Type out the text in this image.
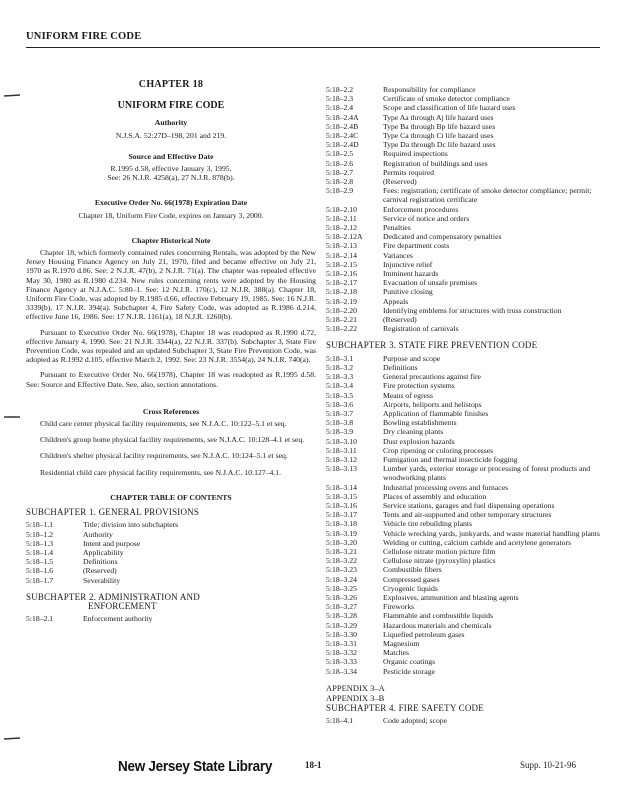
UNIFORM FIRE CODE
CHAPTER 18
UNIFORM FIRE CODE
Authority
N.J.S.A. 52:27D–198, 201 and 219.
Source and Effective Date
R.1995 d.58, effective January 3, 1995.
See: 26 N.J.R. 4258(a), 27 N.J.R. 878(b).
Executive Order No. 66(1978) Expiration Date
Chapter 18, Uniform Fire Code, expires on January 3, 2000.
Chapter Historical Note

Chapter 18, which formerly contained rules concerning Rentals, was adopted by the New Jersey Housing Finance Agency on July 21, 1970, filed and became effective on July 21, 1970 as R.1970 d.86. See: 2 N.J.R. 47(b), 2 N.J.R. 71(a). The chapter was repealed effective May 30, 1980 as R.1980 d.234. New rules concerning rents were adopted by the Housing Finance Agency at N.J.A.C. 5:80–1. See: 12 N.J.R. 170(c), 12 N.J.R. 388(a). Chapter 18, Uniform Fire Code, was adopted by R.1985 d.66, effective February 19, 1985. See: 16 N.J.R. 3339(b), 17 N.J.R. 394(a). Subchapter 4, Fire Safety Code, was adopted as R.1986 d.214, effective June 16, 1986. See: 17 N.J.R. 1161(a), 18 N.J.R. 1260(b).

Pursuant to Executive Order No. 66(1978), Chapter 18 was readopted as R.1990 d.72, effective January 4, 1990. See: 21 N.J.R. 3344(a), 22 N.J.R. 337(b). Subchapter 3, State Fire Prevention Code, was repealed and an updated Subchapter 3, State Fire Prevention Code, was adopted as R.1992 d.105, effective March 2, 1992. See: 23 N.J.R. 3554(a), 24 N.J.R. 740(a).

Pursuant to Executive Order No. 66(1978), Chapter 18 was readopted as R.1995 d.58. See: Source and Effective Date. See, also, section annotations.

Cross References

Child care center physical facility requirements, see N.J.A.C. 10:122–5.1 et seq.

Children's group home physical facility requirements, see N.J.A.C. 10:128–4.1 et seq.

Children's shelter physical facility requirements, see N.J.A.C. 10:124–5.1 et seq.

Residential child care physical facility requirements, see N.J.A.C. 10:127–4.1.

CHAPTER TABLE OF CONTENTS
SUBCHAPTER 1. GENERAL PROVISIONS
5:18–1.1	Title; division into subchapters
5:18–1.2	Authority
5:18–1.3	Intent and purpose
5:18–1.4	Applicability
5:18–1.5	Definitions
5:18–1.6	(Reserved)
5:18–1.7	Severability
SUBCHAPTER 2. ADMINISTRATION AND
ENFORCEMENT
5:18–2.1	Enforcement authority
5:18–2.2	Responsibility for compliance
5:18–2.3	Certificate of smoke detector compliance
5:18–2.4	Scope and classification of life hazard uses
5:18–2.4A	Type Aa through Aj life hazard uses
5:18–2.4B	Type Ba through Bp life hazard uses
5:18–2.4C	Type Ca through Ci life hazard uses
5:18–2.4D	Type Da through Dc life hazard uses
5:18–2.5	Required inspections
5:18–2.6	Registration of buildings and uses
5:18–2.7	Permits required
5:18–2.8	(Reserved)
5:18–2.9	Fees: registration; certificate of smoke detector compliance; permit; carnival registration certificate
5:18–2.10	Enforcement procedures
5:18–2.11	Service of notice and orders
5:18–2.12	Penalties
5:18–2.12A	Dedicated and compensatory penalties
5:18–2.13	Fire department costs
5:18–2.14	Variances
5:18–2.15	Injunctive relief
5:18–2.16	Imminent hazards
5:18–2.17	Evacuation of unsafe premises
5:18–2.18	Punitive closing
5:18–2.19	Appeals
5:18–2.20	Identifying emblems for structures with truss construction
5:18–2.21	(Reserved)
5:18–2.22	Registration of carnivals
SUBCHAPTER 3. STATE FIRE PREVENTION CODE
5:18–3.1	Purpose and scope
5:18–3.2	Definitions
5:18–3.3	General precautions against fire
5:18–3.4	Fire protection systems
5:18–3.5	Means of egress
5:18–3.6	Airports, heliports and helistops
5:18–3.7	Application of flammable finishes
5:18–3.8	Bowling establishments
5:18–3.9	Dry cleaning plants
5:18–3.10	Dust explosion hazards
5:18–3.11	Crop ripening or coloring processes
5:18–3.12	Fumigation and thermal insecticide fogging
5:18–3.13	Lumber yards, exterior storage or processing of forest products and woodworking plants
5:18–3.14	Industrial processing ovens and furnaces
5:18–3.15	Places of assembly and education
5:18–3.16	Service stations, garages and fuel dispensing operations
5:18–3.17	Tents and air-supported and other temporary structures
5:18–3.18	Vehicle tire rebuilding plants
5:18–3.19	Vehicle wrecking yards, junkyards, and waste material handling plants
5:18–3.20	Welding or cutting, calcium carbide and acetylene generators
5:18–3.21	Cellulose nitrate motion picture film
5:18–3.22	Cellulose nitrate (pyroxylin) plastics
5:18–3.23	Combustible fibers
5:18–3.24	Compressed gases
5:18–3.25	Cryogenic liquids
5:18–3.26	Explosives, ammunition and blasting agents
5:18–3.27	Fireworks
5:18–3.28	Flammable and combustible liquids
5:18–3.29	Hazardous materials and chemicals
5:18–3.30	Liquefied petroleum gases
5:18–3.31	Magnesium
5:18–3.32	Matches
5:18–3.33	Organic coatings
5:18–3.34	Pesticide storage
APPENDIX 3–A
APPENDIX 3–B
SUBCHAPTER 4. FIRE SAFETY CODE
5:18–4.1	Code adopted; scope
New Jersey State Library	18-1	Supp. 10-21-96
